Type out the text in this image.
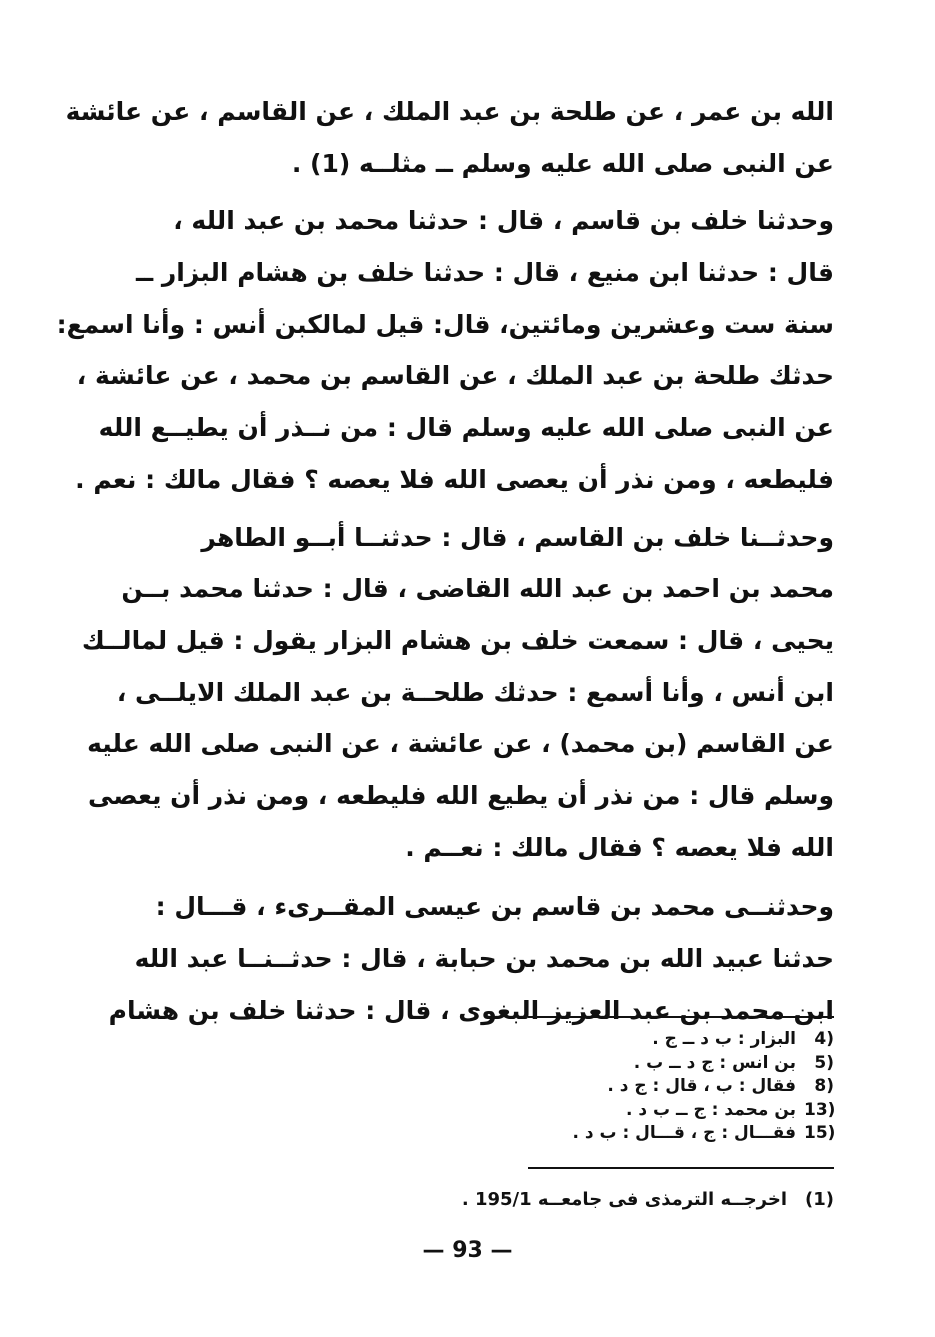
الله بن عمر ، عن طلحة بن عبد الملك ، عن القاسم ، عن عائشة
عن النبى صلى الله عليه وسلم ــ مثلــه (1) .
وحدثنا خلف بن قاسم ، قال : حدثنا محمد بن عبد الله ،
قال : حدثنا ابن منيع ، قال : حدثنا خلف بن هشام البزار ــ
سنة ست وعشرين ومائتين، قال: قيل لمالكبن أنس : وأنا اسمع:
حدثك طلحة بن عبد الملك ، عن القاسم بن محمد ، عن عائشة ،
عن النبى صلى الله عليه وسلم قال : من نــذر أن يطيــع الله
فليطعه ، ومن نذر أن يعصى الله فلا يعصه ؟ فقال مالك : نعم .
وحدثــنا خلف بن القاسم ، قال : حدثنــا أبــو الطاهر
محمد بن احمد بن عبد الله القاضى ، قال : حدثنا محمد بــن
يحيى ، قال : سمعت خلف بن هشام البزار يقول : قيل لمالــك
ابن أنس ، وأنا أسمع : حدثك طلحــة بن عبد الملك الايلــى ،
عن القاسم (بن محمد) ، عن عائشة ، عن النبى صلى الله عليه
وسلم قال : من نذر أن يطيع الله فليطعه ، ومن نذر أن يعصى
الله فلا يعصه ؟ فقال مالك : نعــم .
وحدثنــى محمد بن قاسم بن عيسى المقــرىء ، قـــال :
حدثنا عبيد الله بن محمد بن حبابة ، قال : حدثــنــا عبد الله
ابن محمد بن عبد العزيز البغوى ، قال : حدثنا خلف بن هشام
4)البزار : ب د ــ ج .
5)بن انس : ج د ــ ب .
8)فقال : ب ، قال : ج د .
13)بن محمد : ج ــ ب د .
15)فقـــال : ج ، قـــال : ب د .
(1)اخرجــه الترمذى فى جامعــه 195/1 .
— 93 —
